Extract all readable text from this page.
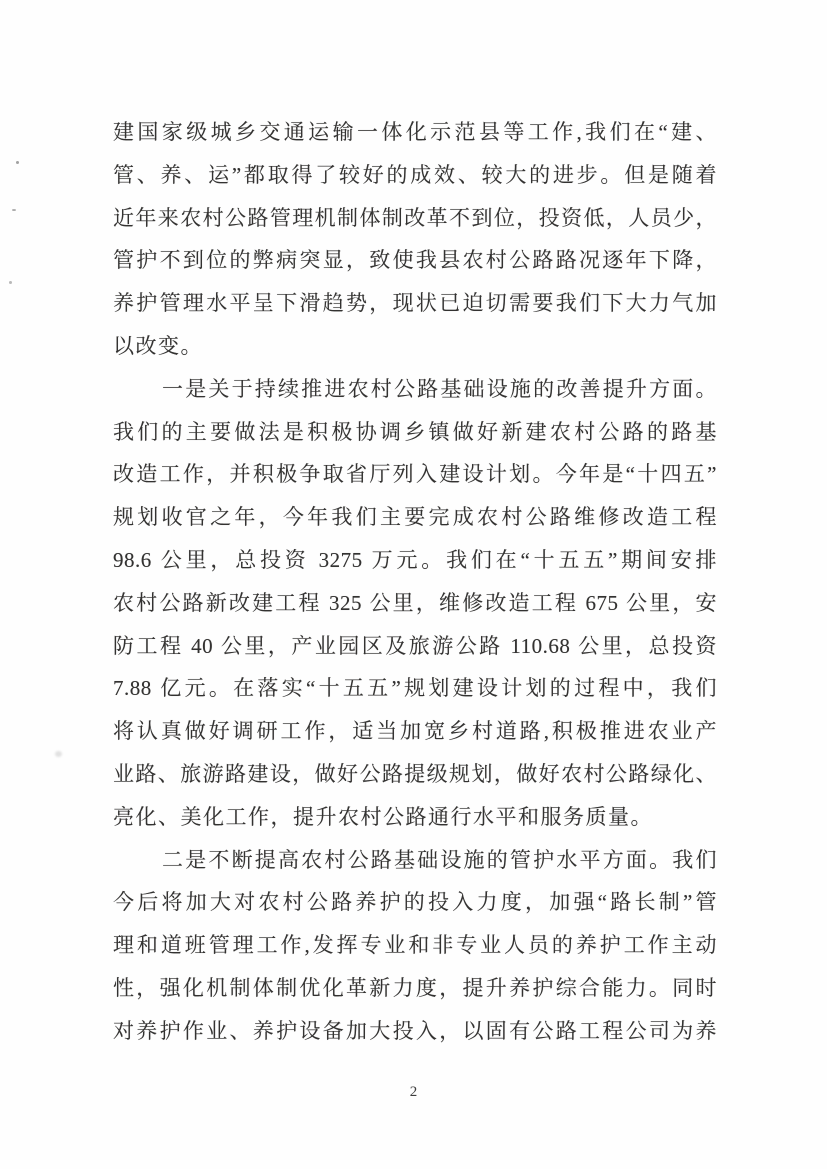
建国家级城乡交通运输一体化示范县等工作,我们在“建、
管、养、运”都取得了较好的成效、较大的进步。但是随着
近年来农村公路管理机制体制改革不到位，投资低，人员少，
管护不到位的弊病突显，致使我县农村公路路况逐年下降，
养护管理水平呈下滑趋势，现状已迫切需要我们下大力气加
以改变。
一是关于持续推进农村公路基础设施的改善提升方面。
我们的主要做法是积极协调乡镇做好新建农村公路的路基
改造工作，并积极争取省厅列入建设计划。今年是“十四五”
规划收官之年，今年我们主要完成农村公路维修改造工程
98.6 公里，总投资 3275 万元。我们在“十五五”期间安排
农村公路新改建工程 325 公里，维修改造工程 675 公里，安
防工程 40 公里，产业园区及旅游公路 110.68 公里，总投资
7.88 亿元。在落实“十五五”规划建设计划的过程中，我们
将认真做好调研工作，适当加宽乡村道路,积极推进农业产
业路、旅游路建设，做好公路提级规划，做好农村公路绿化、
亮化、美化工作，提升农村公路通行水平和服务质量。
二是不断提高农村公路基础设施的管护水平方面。我们
今后将加大对农村公路养护的投入力度，加强“路长制”管
理和道班管理工作,发挥专业和非专业人员的养护工作主动
性，强化机制体制优化革新力度，提升养护综合能力。同时
对养护作业、养护设备加大投入，以固有公路工程公司为养
2
